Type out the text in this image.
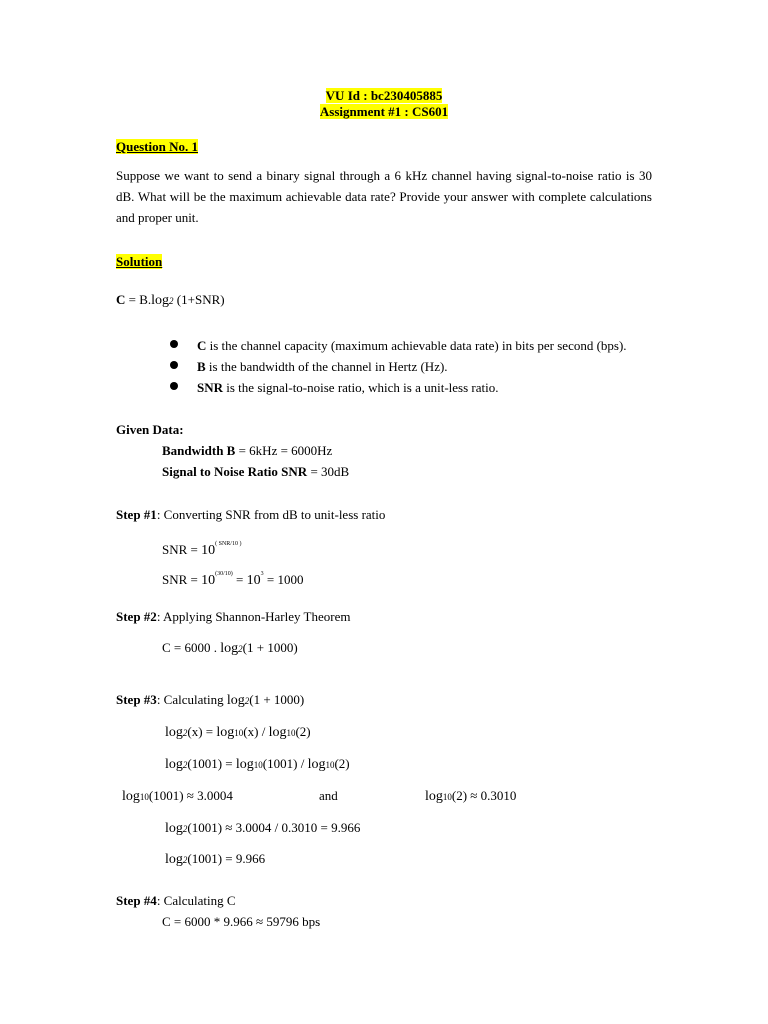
VU Id : bc230405885
Assignment #1 : CS601
Question No. 1
Suppose we want to send a binary signal through a 6 kHz channel having signal-to-noise ratio is 30 dB. What will be the maximum achievable data rate? Provide your answer with complete calculations and proper unit.
Solution
C = B.log2 (1+SNR)
C is the channel capacity (maximum achievable data rate) in bits per second (bps).
B is the bandwidth of the channel in Hertz (Hz).
SNR is the signal-to-noise ratio, which is a unit-less ratio.
Given Data:
Bandwidth B = 6kHz = 6000Hz
Signal to Noise Ratio SNR = 30dB
Step #1: Converting SNR from dB to unit-less ratio
SNR = $10^{( SNR/10 )}$
SNR = $10^{(30/10)} = 10^3 = 1000$
Step #2: Applying Shannon-Harley Theorem
C = 6000 . log2(1 + 1000)
Step #3: Calculating log2(1 + 1000)
log2(x) = log10(x) / log10(2)
log2(1001) = log10(1001) / log10(2)
log10(1001) ≈ 3.0004	and	log10(2) ≈ 0.3010
log2(1001) ≈ 3.0004 / 0.3010 = 9.966
log2(1001) = 9.966
Step #4: Calculating C
C = 6000 * 9.966 ≈ 59796 bps
